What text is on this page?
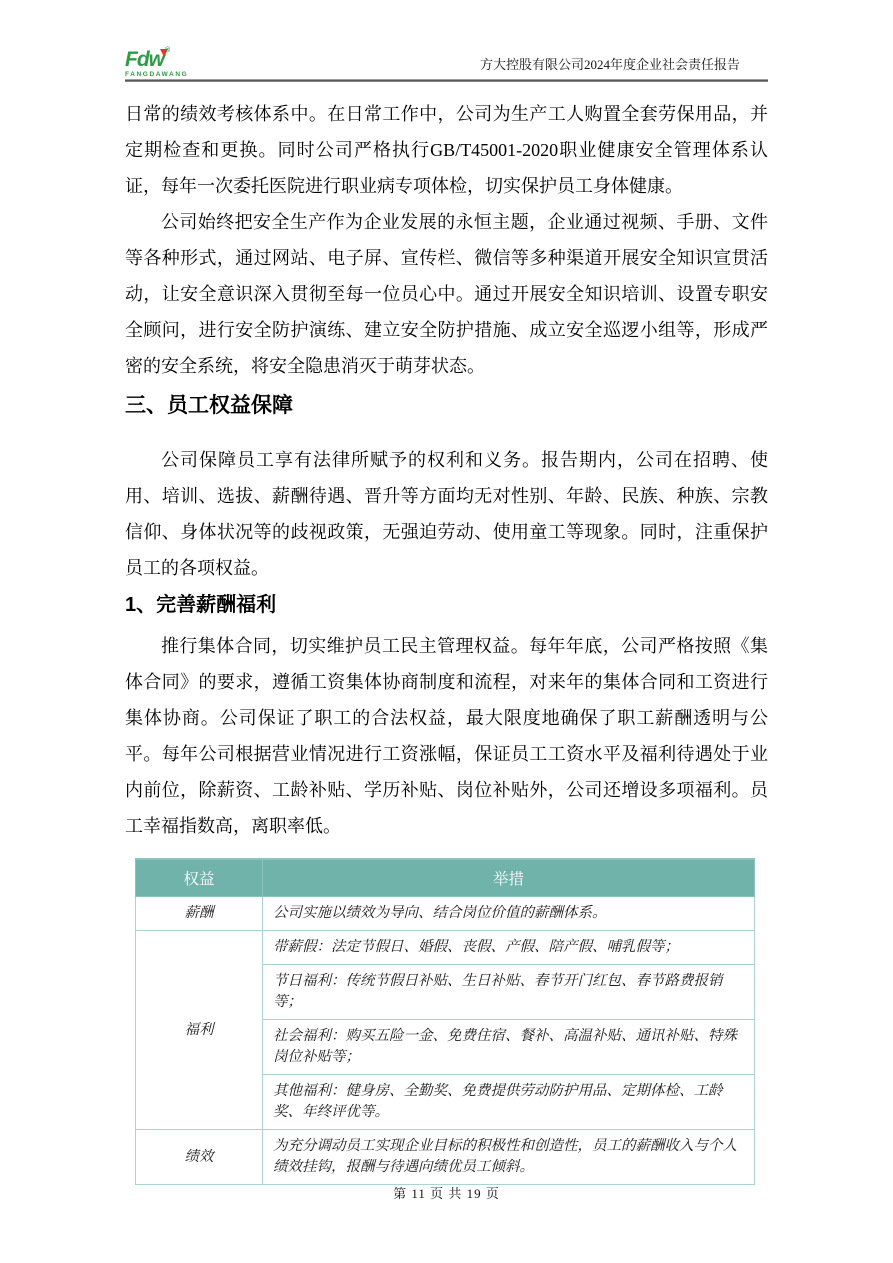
Fdw®
FANGDAWANG
方大控股有限公司2024年度企业社会责任报告

日常的绩效考核体系中。在日常工作中，公司为生产工人购置全套劳保用品，并定期检查和更换。同时公司严格执行GB/T45001-2020职业健康安全管理体系认证，每年一次委托医院进行职业病专项体检，切实保护员工身体健康。

公司始终把安全生产作为企业发展的永恒主题，企业通过视频、手册、文件等各种形式，通过网站、电子屏、宣传栏、微信等多种渠道开展安全知识宣贯活动，让安全意识深入贯彻至每一位员心中。通过开展安全知识培训、设置专职安全顾问，进行安全防护演练、建立安全防护措施、成立安全巡逻小组等，形成严密的安全系统，将安全隐患消灭于萌芽状态。

三、员工权益保障

公司保障员工享有法律所赋予的权利和义务。报告期内，公司在招聘、使用、培训、选拔、薪酬待遇、晋升等方面均无对性别、年龄、民族、种族、宗教信仰、身体状况等的歧视政策，无强迫劳动、使用童工等现象。同时，注重保护员工的各项权益。

1、完善薪酬福利

推行集体合同，切实维护员工民主管理权益。每年年底，公司严格按照《集体合同》的要求，遵循工资集体协商制度和流程，对来年的集体合同和工资进行集体协商。公司保证了职工的合法权益，最大限度地确保了职工薪酬透明与公平。每年公司根据营业情况进行工资涨幅，保证员工工资水平及福利待遇处于业内前位，除薪资、工龄补贴、学历补贴、岗位补贴外，公司还增设多项福利。员工幸福指数高，离职率低。

权益	举措
薪酬	公司实施以绩效为导向、结合岗位价值的薪酬体系。
福利	带薪假：法定节假日、婚假、丧假、产假、陪产假、哺乳假等；
	节日福利：传统节假日补贴、生日补贴、春节开门红包、春节路费报销等；
	社会福利：购买五险一金、免费住宿、餐补、高温补贴、通讯补贴、特殊岗位补贴等；
	其他福利：健身房、全勤奖、免费提供劳动防护用品、定期体检、工龄奖、年终评优等。
绩效	为充分调动员工实现企业目标的积极性和创造性，员工的薪酬收入与个人绩效挂钩，报酬与待遇向绩优员工倾斜。
第 11 页 共 19 页
